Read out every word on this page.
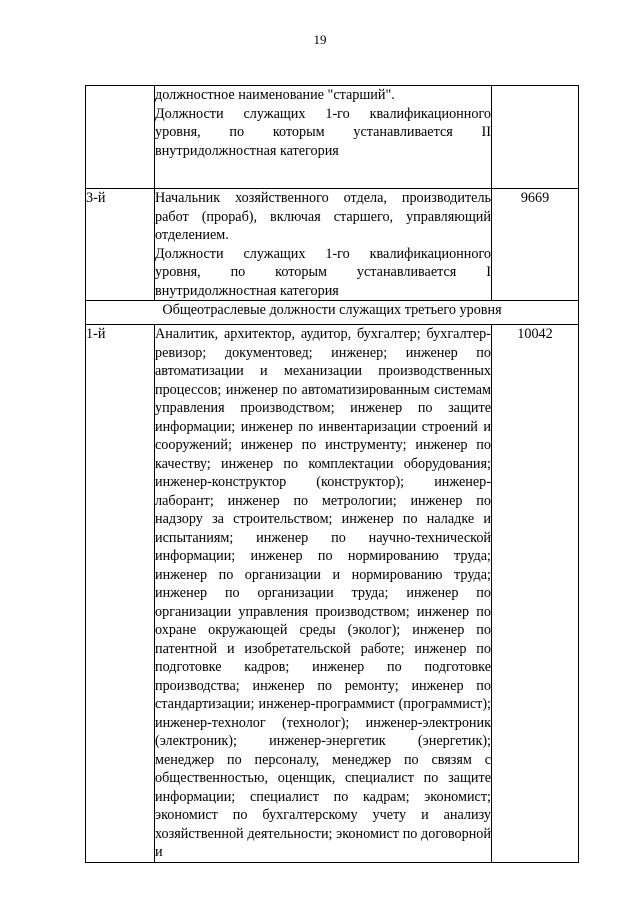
19

	должностное наименование "старший".
Должности служащих 1-го квалификационного уровня, по которым устанавливается II внутридолжностная категория	

3-й	Начальник хозяйственного отдела, производитель работ (прораб), включая старшего, управляющий отделением.
Должности служащих 1-го квалификационного уровня, по которым устанавливается I внутридолжностная категория	9669
Общеотраслевые должности служащих третьего уровня		
1-й	Аналитик, архитектор, аудитор, бухгалтер; бухгалтер-ревизор; документовед; инженер; инженер по автоматизации и механизации производственных процессов; инженер по автоматизированным системам управления производством; инженер по защите информации; инженер по инвентаризации строений и сооружений; инженер по инструменту; инженер по качеству; инженер по комплектации оборудования; инженер-конструктор (конструктор); инженер-лаборант; инженер по метрологии; инженер по надзору за строительством; инженер по наладке и испытаниям; инженер по научно-технической информации; инженер по нормированию труда; инженер по организации и нормированию труда; инженер по организации труда; инженер по организации управления производством; инженер по охране окружающей среды (эколог); инженер по патентной и изобретательской работе; инженер по подготовке кадров; инженер по подготовке производства; инженер по ремонту; инженер по стандартизации; инженер-программист (программист); инженер-технолог (технолог); инженер-электроник (электроник); инженер-энергетик (энергетик); менеджер по персоналу, менеджер по связям с общественностью, оценщик, специалист по защите информации; специалист по кадрам; экономист; экономист по бухгалтерскому учету и анализу хозяйственной деятельности; экономист по договорной и	10042
